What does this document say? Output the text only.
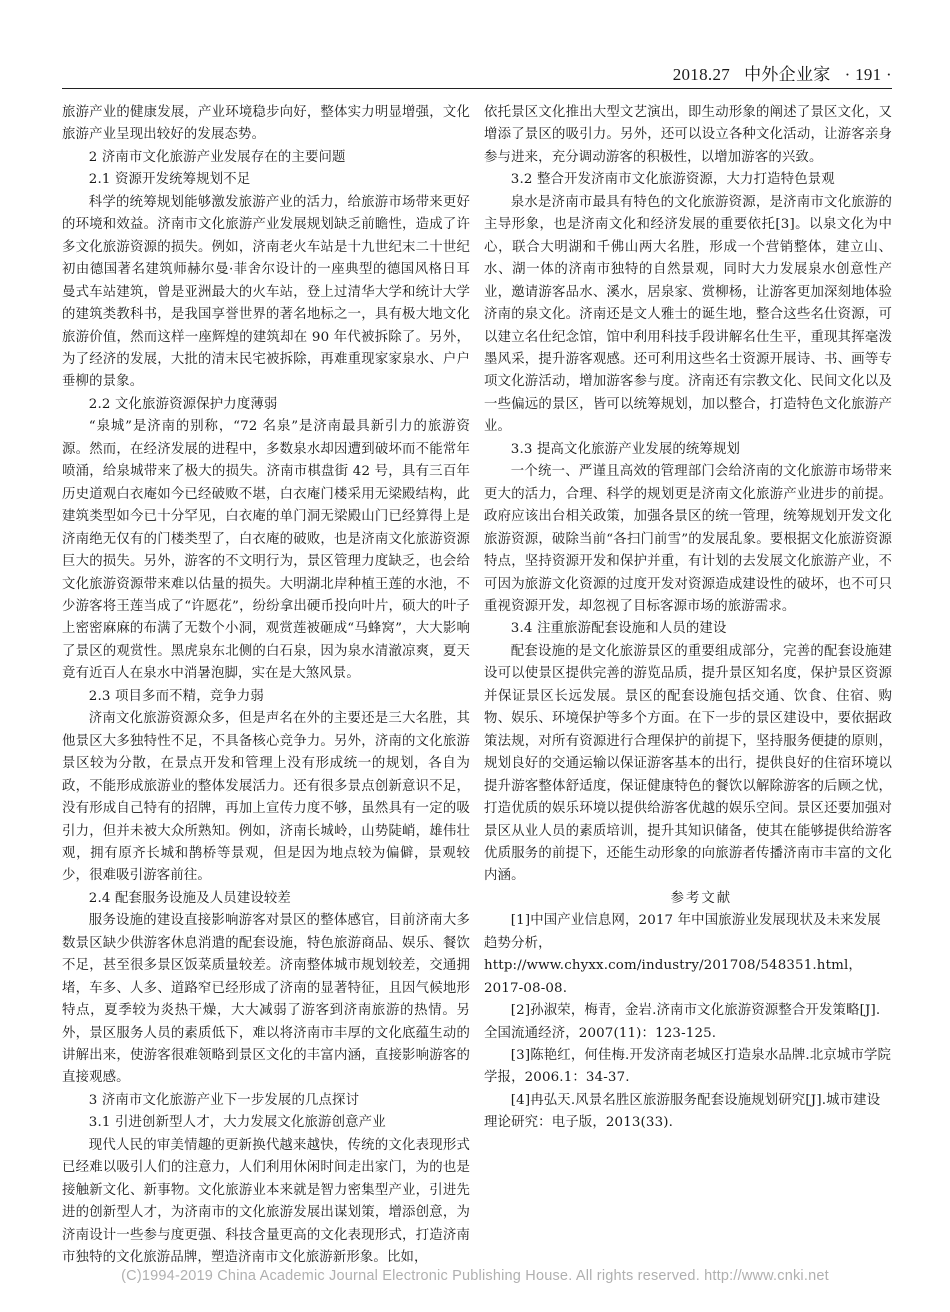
2018.27 中外企业家 · 191 ·

旅游产业的健康发展，产业环境稳步向好，整体实力明显增强，文化旅游产业呈现出较好的发展态势。

2 济南市文化旅游产业发展存在的主要问题

2.1 资源开发统筹规划不足

科学的统筹规划能够激发旅游产业的活力，给旅游市场带来更好的环境和效益。济南市文化旅游产业发展规划缺乏前瞻性，造成了许多文化旅游资源的损失。例如，济南老火车站是十九世纪末二十世纪初由德国著名建筑师赫尔曼·菲舍尔设计的一座典型的德国风格日耳曼式车站建筑，曾是亚洲最大的火车站，登上过清华大学和统计大学的建筑类教科书，是我国享誉世界的著名地标之一，具有极大地文化旅游价值，然而这样一座辉煌的建筑却在 90 年代被拆除了。另外，为了经济的发展，大批的清末民宅被拆除，再难重现家家泉水、户户垂柳的景象。

2.2 文化旅游资源保护力度薄弱

“泉城”是济南的别称，“72 名泉”是济南最具新引力的旅游资源。然而，在经济发展的进程中，多数泉水却因遭到破坏而不能常年喷涌，给泉城带来了极大的损失。济南市棋盘街 42 号，具有三百年历史道观白衣庵如今已经破败不堪，白衣庵门楼采用无梁殿结构，此建筑类型如今已十分罕见，白衣庵的单门洞无梁殿山门已经算得上是济南绝无仅有的门楼类型了，白衣庵的破败，也是济南文化旅游资源巨大的损失。另外，游客的不文明行为，景区管理力度缺乏，也会给文化旅游资源带来难以估量的损失。大明湖北岸种植王莲的水池，不少游客将王莲当成了“许愿花”，纷纷拿出硬币投向叶片，硕大的叶子上密密麻麻的布满了无数个小洞，观赏莲被砸成“马蜂窝”，大大影响了景区的观赏性。黑虎泉东北侧的白石泉，因为泉水清澈凉爽，夏天竟有近百人在泉水中消暑泡脚，实在是大煞风景。

2.3 项目多而不精，竞争力弱

济南文化旅游资源众多，但是声名在外的主要还是三大名胜，其他景区大多独特性不足，不具备核心竞争力。另外，济南的文化旅游景区较为分散，在景点开发和管理上没有形成统一的规划，各自为政，不能形成旅游业的整体发展活力。还有很多景点创新意识不足，没有形成自己特有的招牌，再加上宣传力度不够，虽然具有一定的吸引力，但并未被大众所熟知。例如，济南长城岭，山势陡峭，雄伟壮观，拥有原齐长城和鹊桥等景观，但是因为地点较为偏僻，景观较少，很难吸引游客前往。

2.4 配套服务设施及人员建设较差

服务设施的建设直接影响游客对景区的整体感官，目前济南大多数景区缺少供游客休息消遣的配套设施，特色旅游商品、娱乐、餐饮不足，甚至很多景区饭菜质量较差。济南整体城市规划较差，交通拥堵，车多、人多、道路窄已经形成了济南的显著特征，且因气候地形特点，夏季较为炎热干燥，大大减弱了游客到济南旅游的热情。另外，景区服务人员的素质低下，难以将济南市丰厚的文化底蕴生动的讲解出来，使游客很难领略到景区文化的丰富内涵，直接影响游客的直接观感。

3 济南市文化旅游产业下一步发展的几点探讨

3.1 引进创新型人才，大力发展文化旅游创意产业

现代人民的审美情趣的更新换代越来越快，传统的文化表现形式已经难以吸引人们的注意力，人们利用休闲时间走出家门，为的也是接触新文化、新事物。文化旅游业本来就是智力密集型产业，引进先进的创新型人才，为济南市的文化旅游发展出谋划策，增添创意，为济南设计一些参与度更强、科技含量更高的文化表现形式，打造济南市独特的文化旅游品牌，塑造济南市文化旅游新形象。比如，

依托景区文化推出大型文艺演出，即生动形象的阐述了景区文化，又增添了景区的吸引力。另外，还可以设立各种文化活动，让游客亲身参与进来，充分调动游客的积极性，以增加游客的兴致。

3.2 整合开发济南市文化旅游资源，大力打造特色景观

泉水是济南市最具有特色的文化旅游资源，是济南市文化旅游的主导形象，也是济南文化和经济发展的重要依托[3]。以泉文化为中心，联合大明湖和千佛山两大名胜，形成一个营销整体，建立山、水、湖一体的济南市独特的自然景观，同时大力发展泉水创意性产业，邀请游客品水、溪水，居泉家、赏柳杨，让游客更加深刻地体验济南的泉文化。济南还是文人雅士的诞生地，整合这些名仕资源，可以建立名仕纪念馆，馆中利用科技手段讲解名仕生平，重现其挥毫泼墨风采，提升游客观感。还可利用这些名士资源开展诗、书、画等专项文化游活动，增加游客参与度。济南还有宗教文化、民间文化以及一些偏远的景区，皆可以统筹规划，加以整合，打造特色文化旅游产业。

3.3 提高文化旅游产业发展的统筹规划

一个统一、严谨且高效的管理部门会给济南的文化旅游市场带来更大的活力，合理、科学的规划更是济南文化旅游产业进步的前提。政府应该出台相关政策，加强各景区的统一管理，统筹规划开发文化旅游资源，破除当前“各扫门前雪”的发展乱象。要根据文化旅游资源特点，坚持资源开发和保护并重，有计划的去发展文化旅游产业，不可因为旅游文化资源的过度开发对资源造成建设性的破坏，也不可只重视资源开发，却忽视了目标客源市场的旅游需求。

3.4 注重旅游配套设施和人员的建设

配套设施的是文化旅游景区的重要组成部分，完善的配套设施建设可以使景区提供完善的游览品质，提升景区知名度，保护景区资源并保证景区长远发展。景区的配套设施包括交通、饮食、住宿、购物、娱乐、环境保护等多个方面。在下一步的景区建设中，要依据政策法规，对所有资源进行合理保护的前提下，坚持服务便捷的原则，规划良好的交通运输以保证游客基本的出行，提供良好的住宿环境以提升游客整体舒适度，保证健康特色的餐饮以解除游客的后顾之忧，打造优质的娱乐环境以提供给游客优越的娱乐空间。景区还要加强对景区从业人员的素质培训，提升其知识储备，使其在能够提供给游客优质服务的前提下，还能生动形象的向旅游者传播济南市丰富的文化内涵。

参考文献

[1]中国产业信息网，2017 年中国旅游业发展现状及未来发展趋势分析，http://www.chyxx.com/industry/201708/548351.html，2017-08-08.

[2]孙淑荣，梅青，金岩.济南市文化旅游资源整合开发策略[J].全国流通经济，2007(11)：123-125.

[3]陈艳红，何佳梅.开发济南老城区打造泉水品牌.北京城市学院学报，2006.1：34-37.

[4]冉弘天.风景名胜区旅游服务配套设施规划研究[J].城市建设理论研究：电子版，2013(33).

(C)1994-2019 China Academic Journal Electronic Publishing House. All rights reserved. http://www.cnki.net
